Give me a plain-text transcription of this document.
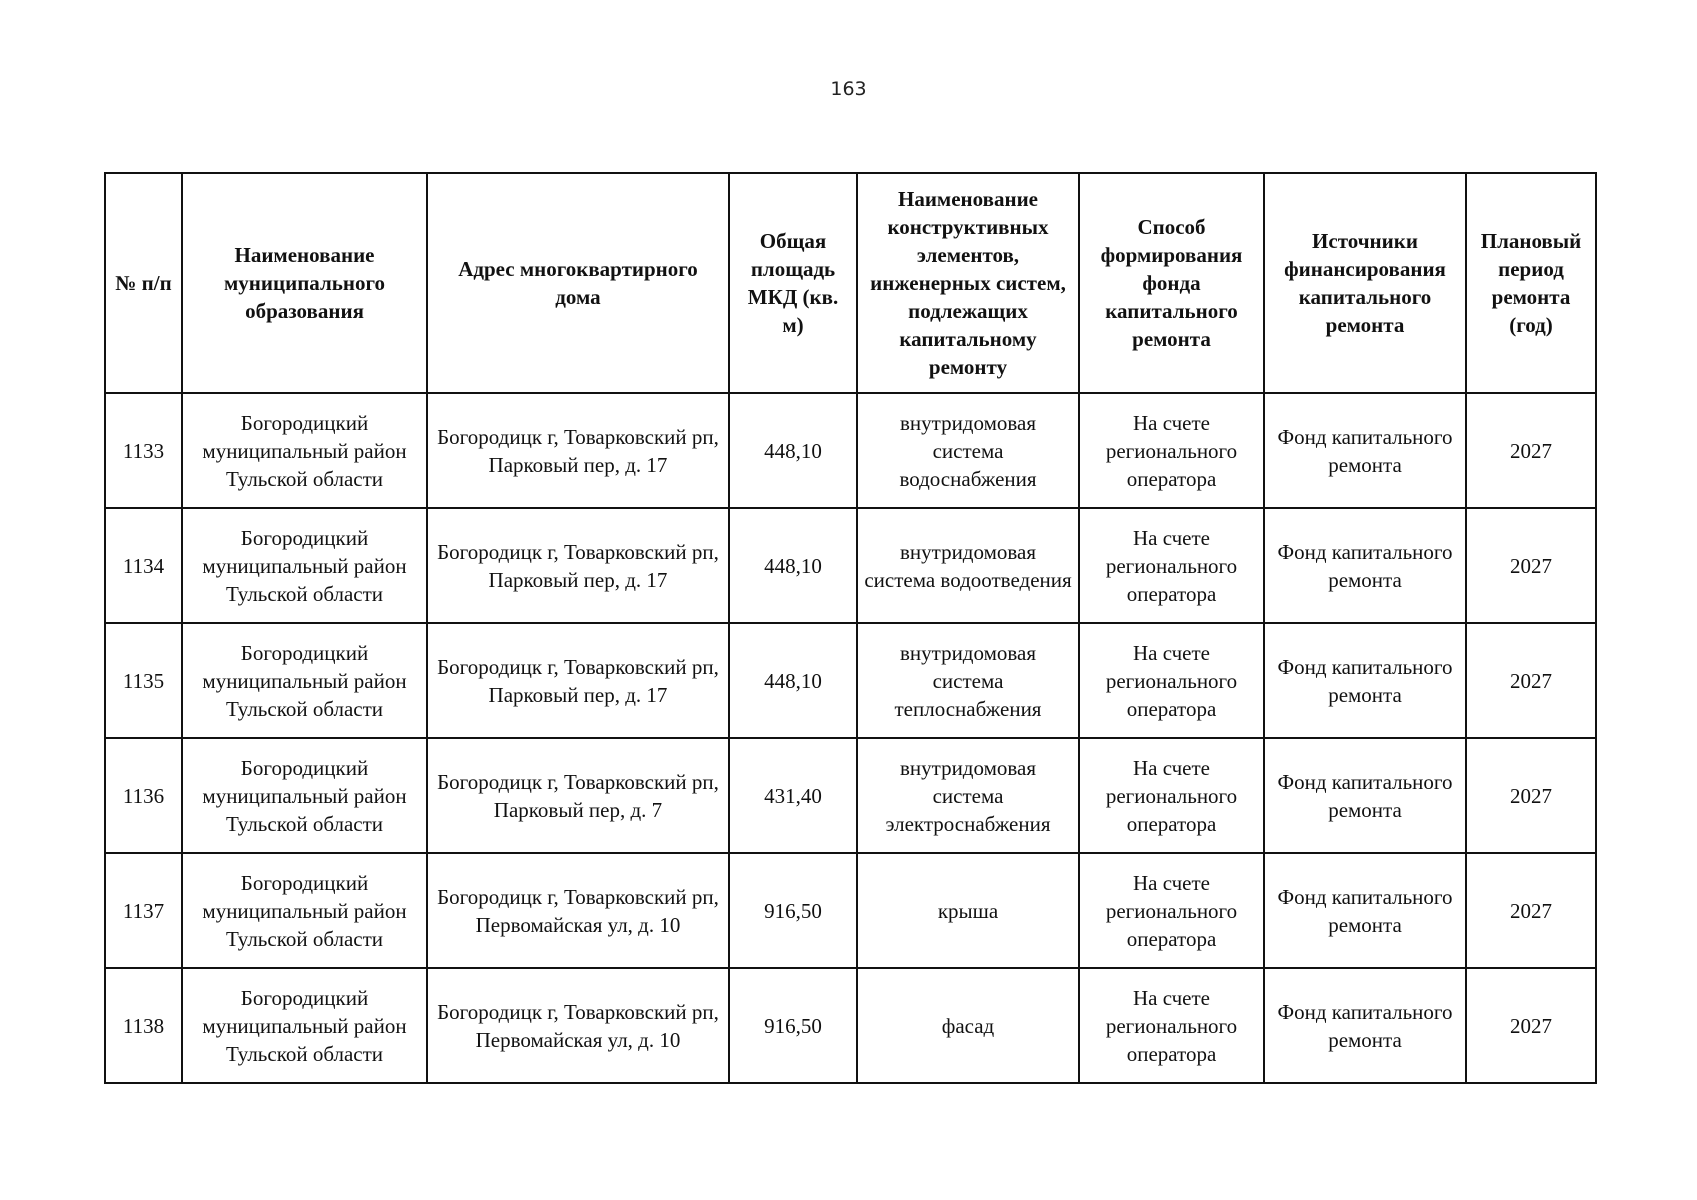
163
№ п/п	Наименование муниципального образования	Адрес многоквартирного дома	Общая площадь МКД (кв. м)	Наименование конструктивных элементов, инженерных систем, подлежащих капитальному ремонту	Способ формирования фонда капитального ремонта	Источники финансирования капитального ремонта	Плановый период ремонта (год)
1133	Богородицкий муниципальный район Тульской области	Богородицк г, Товарковский рп, Парковый пер, д. 17	448,10	внутридомовая система водоснабжения	На счете регионального оператора	Фонд капитального ремонта	2027
1134	Богородицкий муниципальный район Тульской области	Богородицк г, Товарковский рп, Парковый пер, д. 17	448,10	внутридомовая система водоотведения	На счете регионального оператора	Фонд капитального ремонта	2027
1135	Богородицкий муниципальный район Тульской области	Богородицк г, Товарковский рп, Парковый пер, д. 17	448,10	внутридомовая система теплоснабжения	На счете регионального оператора	Фонд капитального ремонта	2027
1136	Богородицкий муниципальный район Тульской области	Богородицк г, Товарковский рп, Парковый пер, д. 7	431,40	внутридомовая система электроснабжения	На счете регионального оператора	Фонд капитального ремонта	2027
1137	Богородицкий муниципальный район Тульской области	Богородицк г, Товарковский рп, Первомайская ул, д. 10	916,50	крыша	На счете регионального оператора	Фонд капитального ремонта	2027
1138	Богородицкий муниципальный район Тульской области	Богородицк г, Товарковский рп, Первомайская ул, д. 10	916,50	фасад	На счете регионального оператора	Фонд капитального ремонта	2027
